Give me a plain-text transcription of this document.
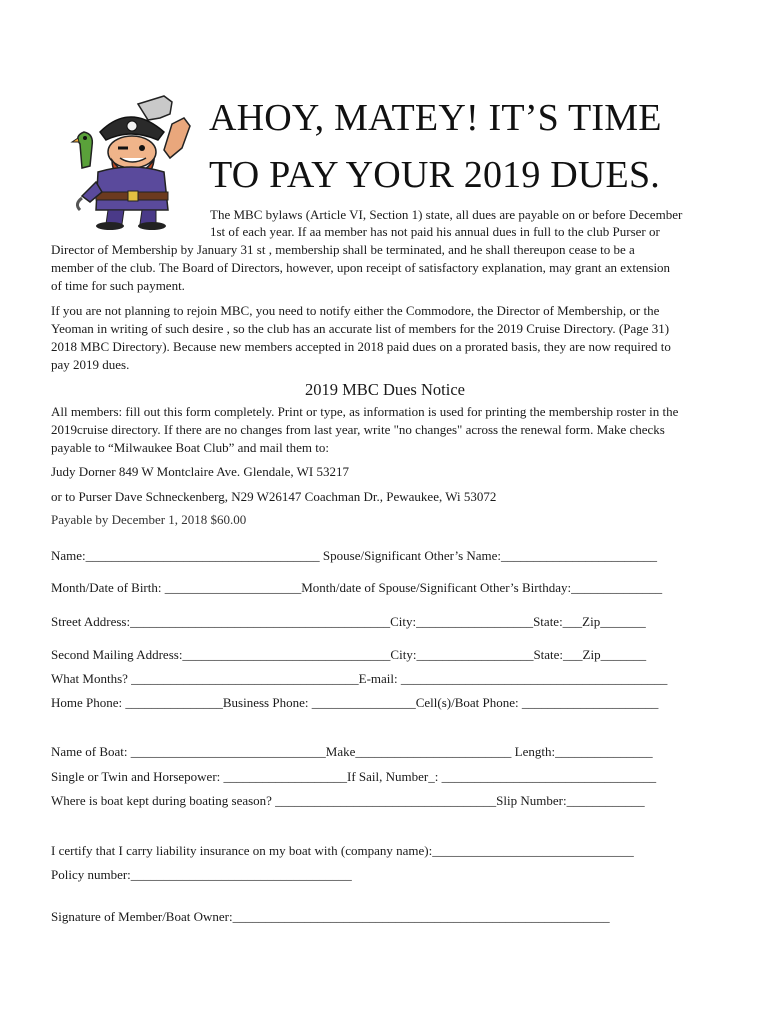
AHOY, MATEY! IT’S TIME
TO PAY YOUR 2019 DUES.
The MBC bylaws (Article VI, Section 1) state, all dues are payable on or before December
1st of each year. If aa member has not paid his annual dues in full to the club Purser or
Director of Membership by January 31 st , membership shall be terminated, and he shall thereupon cease to be a
member of the club. The Board of Directors, however, upon receipt of satisfactory explanation, may grant an extension
of time for such payment.
If you are not planning to rejoin MBC, you need to notify either the Commodore, the Director of Membership, or the
Yeoman in writing of such desire , so the club has an accurate list of members for the 2019 Cruise Directory. (Page 31)
2018 MBC Directory). Because new members accepted in 2018 paid dues on a prorated basis, they are now required to
pay 2019 dues.
2019 MBC Dues Notice
All members: fill out this form completely. Print or type, as information is used for printing the membership roster in the
2019cruise directory. If there are no changes from last year, write "no changes" across the renewal form. Make checks
payable to “Milwaukee Boat Club” and mail them to:
Judy Dorner 849 W Montclaire Ave. Glendale, WI 53217
or to Purser Dave Schneckenberg, N29 W26147 Coachman Dr., Pewaukee, Wi 53072
Payable by December 1, 2018 $60.00
Name:____________________________________ Spouse/Significant Other’s Name:________________________
Month/Date of Birth: _____________________Month/date of Spouse/Significant Other’s Birthday:______________
Street Address:________________________________________City:__________________State:___Zip_______
Second Mailing Address:________________________________City:__________________State:___Zip_______
What Months? ___________________________________E-mail: _________________________________________
Home Phone: _______________Business Phone: ________________Cell(s)/Boat Phone: _____________________
Name of Boat: ______________________________Make________________________ Length:_______________
Single or Twin and Horsepower: ___________________If Sail, Number_: _________________________________
Where is boat kept during boating season? __________________________________Slip Number:____________
I certify that I carry liability insurance on my boat with (company name):_______________________________
Policy number:__________________________________
Signature of Member/Boat Owner:__________________________________________________________
